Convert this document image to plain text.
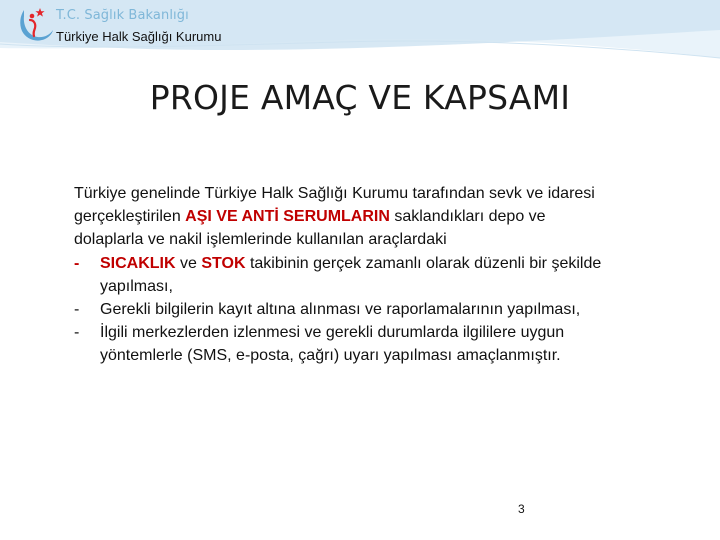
T.C. Sağlık Bakanlığı
Türkiye Halk Sağlığı Kurumu
PROJE AMAÇ VE KAPSAMI

Türkiye genelinde Türkiye Halk Sağlığı Kurumu tarafından sevk ve idaresi gerçekleştirilen AŞI VE ANTİ SERUMLARIN saklandıkları depo ve dolaplarla ve nakil işlemlerinde kullanılan araçlardaki

-	SICAKLIK ve STOK takibinin gerçek zamanlı olarak düzenli bir şekilde yapılması,
-	Gerekli bilgilerin kayıt altına alınması ve raporlamalarının yapılması,
-	İlgili merkezlerden izlenmesi ve gerekli durumlarda ilgililere uygun yöntemlerle (SMS, e-posta, çağrı) uyarı yapılması amaçlanmıştır.
3
